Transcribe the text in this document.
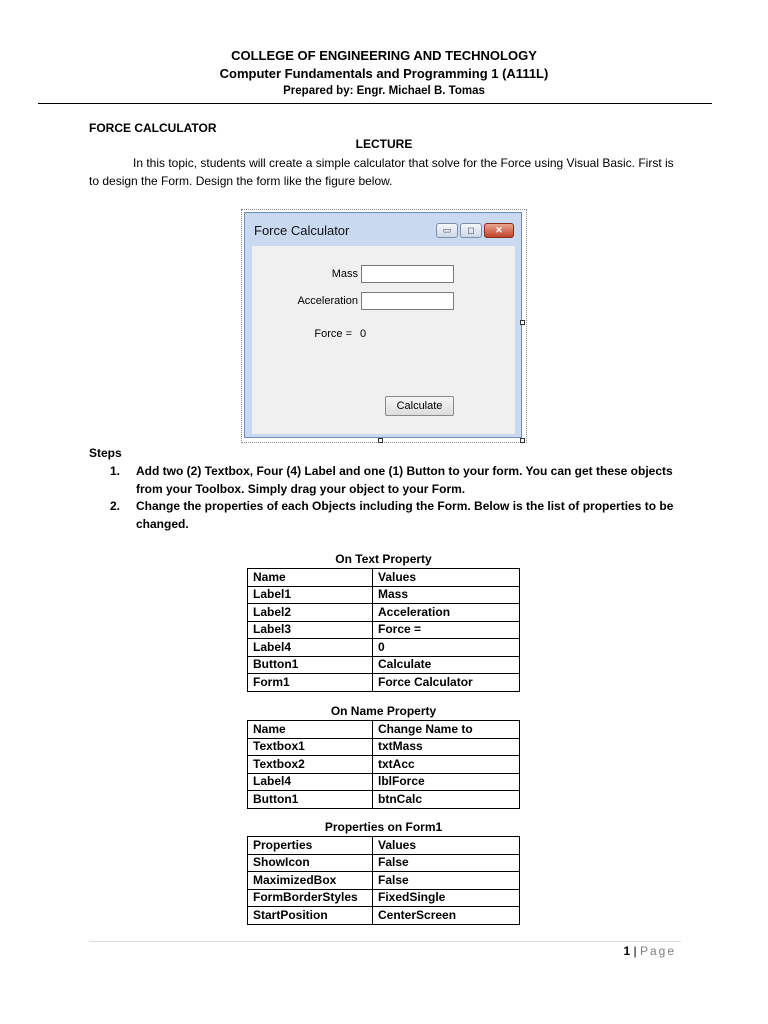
COLLEGE OF ENGINEERING AND TECHNOLOGY
Computer Fundamentals and Programming 1 (A111L)
Prepared by: Engr. Michael B. Tomas
FORCE CALCULATOR
LECTURE

In this topic, students will create a simple calculator that solve for the Force using Visual Basic. First is to design the Form. Design the form like the figure below.

Force Calculator	▭	◻	✕
Mass
Acceleration
Force = 0
Calculate
Steps
1. Add two (2) Textbox, Four (4) Label and one (1) Button to your form. You can get these objects from your Toolbox. Simply drag your object to your Form.
2. Change the properties of each Objects including the Form. Below is the list of properties to be changed.
On Text Property
Name	Values
Label1	Mass
Label2	Acceleration
Label3	Force =
Label4	0
Button1	Calculate
Form1	Force Calculator
On Name Property
Name	Change Name to
Textbox1	txtMass
Textbox2	txtAcc
Label4	lblForce
Button1	btnCalc
Properties on Form1
Properties	Values
ShowIcon	False
MaximizedBox	False
FormBorderStyles	FixedSingle
StartPosition	CenterScreen
1 | Page
